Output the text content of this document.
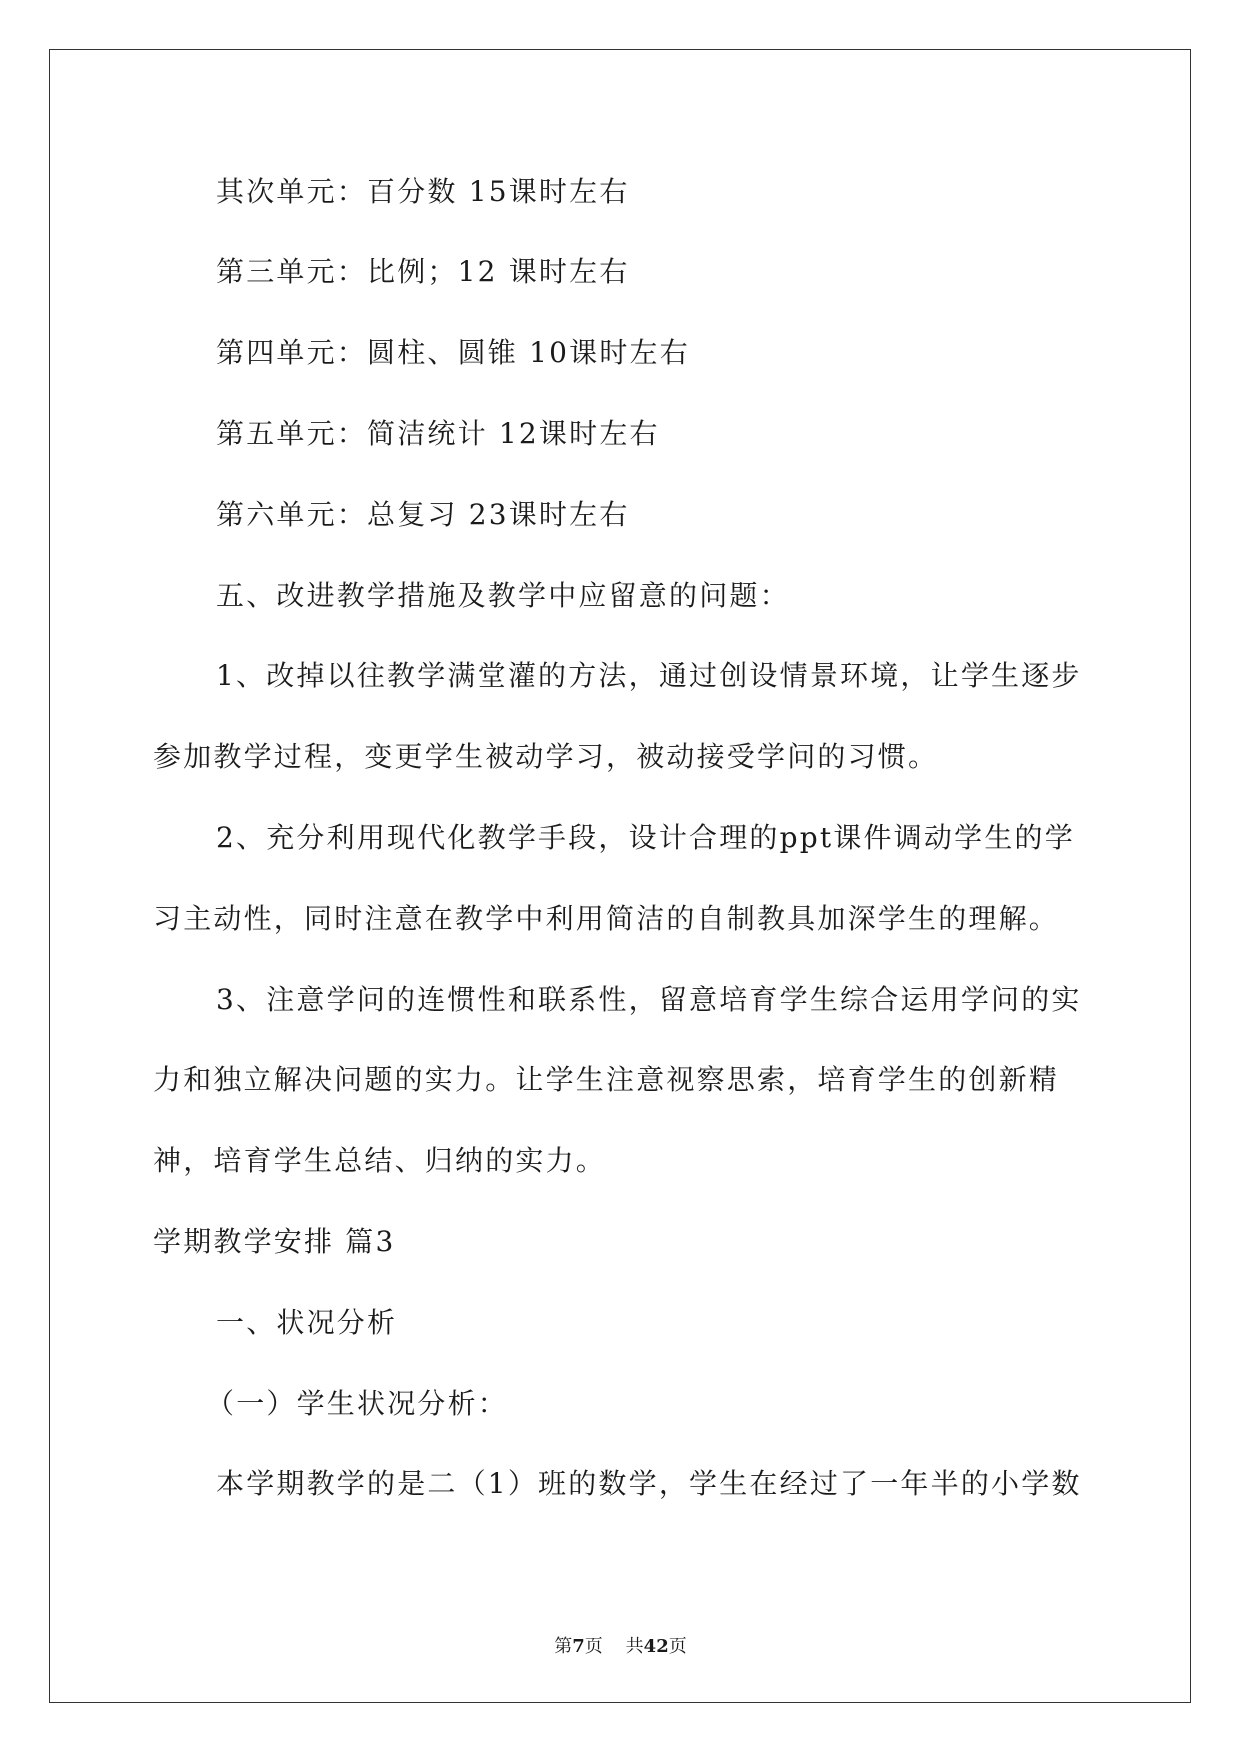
其次单元：百分数 15课时左右
第三单元：比例；12 课时左右
第四单元：圆柱、圆锥 10课时左右
第五单元：简洁统计 12课时左右
第六单元：总复习 23课时左右
五、改进教学措施及教学中应留意的问题：
1、改掉以往教学满堂灌的方法，通过创设情景环境，让学生逐步
参加教学过程，变更学生被动学习，被动接受学问的习惯。
2、充分利用现代化教学手段，设计合理的ppt课件调动学生的学
习主动性，同时注意在教学中利用简洁的自制教具加深学生的理解。
3、注意学问的连惯性和联系性，留意培育学生综合运用学问的实
力和独立解决问题的实力。让学生注意视察思索，培育学生的创新精
神，培育学生总结、归纳的实力。
学期教学安排 篇3
一、状况分析
（一）学生状况分析：
本学期教学的是二（1）班的数学，学生在经过了一年半的小学数
第7页 共42页
